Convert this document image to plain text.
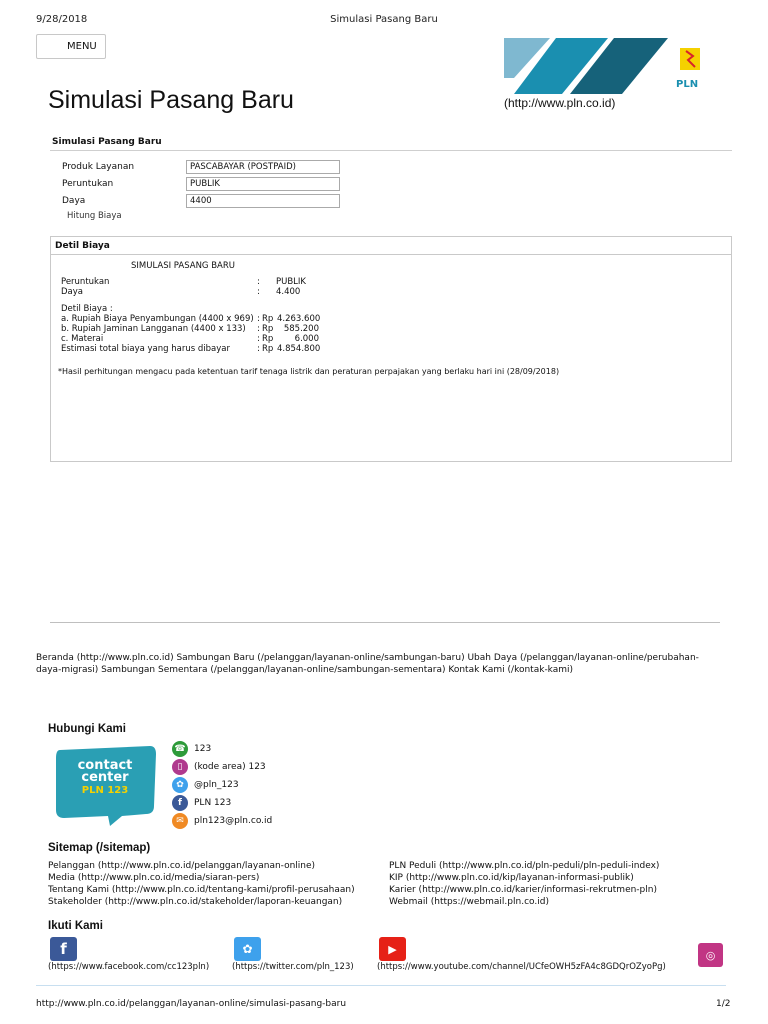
9/28/2018	Simulasi Pasang Baru
MENU
PLN
Simulasi Pasang Baru	(http://www.pln.co.id)
Simulasi Pasang Baru
Produk Layanan	PASCABAYAR (POSTPAID)
Peruntukan	PUBLIK
Daya	4400
Hitung Biaya
Detil Biaya
SIMULASI PASANG BARU
Peruntukan	: PUBLIK
Daya	: 4.400
Detil Biaya :
a. Rupiah Biaya Penyambungan (4400 x 969) : Rp 4.263.600
b. Rupiah Jaminan Langganan (4400 x 133) : Rp	585.200
c. Materai	: Rp	6.000
Estimasi total biaya yang harus dibayar	: Rp 4.854.800
*Hasil perhitungan mengacu pada ketentuan tarif tenaga listrik dan peraturan perpajakan yang berlaku hari ini (28/09/2018)
Beranda (http://www.pln.co.id) Sambungan Baru (/pelanggan/layanan-online/sambungan-baru) Ubah Daya (/pelanggan/layanan-online/perubahan-
daya-migrasi) Sambungan Sementara (/pelanggan/layanan-online/sambungan-sementara) Kontak Kami (/kontak-kami)
Hubungi Kami
contact
center
PLN 123
☎ 123
▯	(kode area) 123
✿	@pln_123
f	PLN 123
✉	pln123@pln.co.id
Sitemap (/sitemap)
Pelanggan (http://www.pln.co.id/pelanggan/layanan-online)
Media (http://www.pln.co.id/media/siaran-pers)
Tentang Kami (http://www.pln.co.id/tentang-kami/profil-perusahaan)
Stakeholder (http://www.pln.co.id/stakeholder/laporan-keuangan)
PLN Peduli (http://www.pln.co.id/pln-peduli/pln-peduli-index)
KIP (http://www.pln.co.id/kip/layanan-informasi-publik)
Karier (http://www.pln.co.id/karier/informasi-rekrutmen-pln)
Webmail (https://webmail.pln.co.id)
Ikuti Kami
f
(https://www.facebook.com/cc123pln)
✿
(https://twitter.com/pln_123)
▶
(https://www.youtube.com/channel/UCfeOWH5zFA4c8GDQrOZyoPg)
◎
http://www.pln.co.id/pelanggan/layanan-online/simulasi-pasang-baru	1/2
